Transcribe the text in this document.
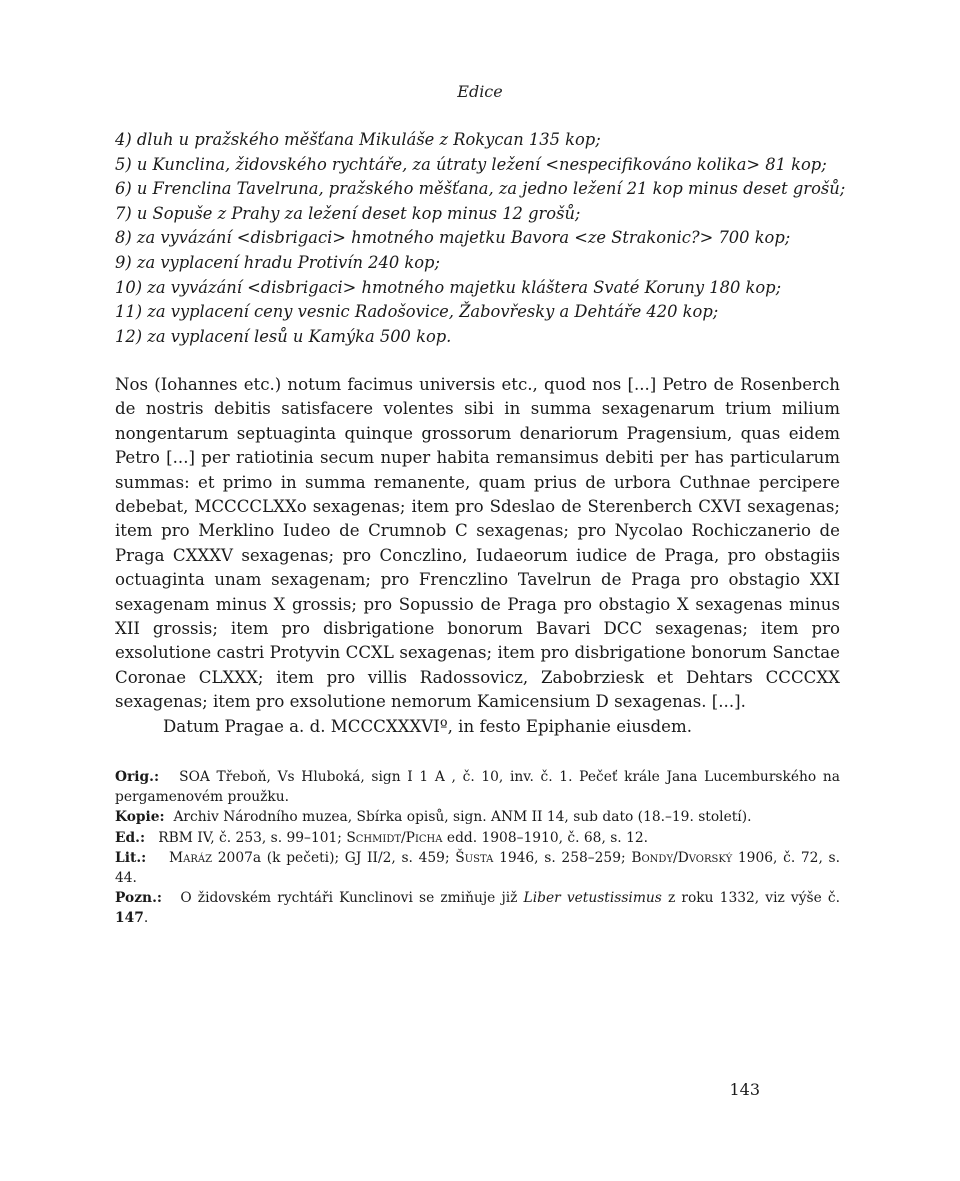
Edice
4) dluh u pražského měšťana Mikuláše z Rokycan 135 kop;
5) u Kunclina, židovského rychtáře, za útraty ležení <nespecifikováno kolika> 81 kop;
6) u Frenclina Tavelruna, pražského měšťana, za jedno ležení 21 kop minus deset grošů;
7) u Sopuše z Prahy za ležení deset kop minus 12 grošů;
8) za vyvázání <disbrigaci> hmotného majetku Bavora <ze Strakonic?> 700 kop;
9) za vyplacení hradu Protivín 240 kop;
10) za vyvázání <disbrigaci> hmotného majetku kláštera Svaté Koruny 180 kop;
11) za vyplacení ceny vesnic Radošovice, Žabovřesky a Dehtáře 420 kop;
12) za vyplacení lesů u Kamýka 500 kop.

Nos (Iohannes etc.) notum facimus universis etc., quod nos [...] Petro de Rosenberch de nostris debitis satisfacere volentes sibi in summa sexagenarum trium milium nongentarum septuaginta quinque grossorum denariorum Pragensium, quas eidem Petro [...] per ratiotinia secum nuper habita remansimus debiti per has particularum summas: et primo in summa remanente, quam prius de urbora Cuthnae percipere debebat, MCCCCLXXo sexagenas; item pro Sdeslao de Sterenberch CXVI sexagenas; item pro Merklino Iudeo de Crumnob C sexagenas; pro Nycolao Rochiczanerio de Praga CXXXV sexagenas; pro Conczlino, Iudaeorum iudice de Praga, pro obstagiis octuaginta unam sexagenam; pro Frenczlino Tavelrun de Praga pro obstagio XXI sexagenam minus X grossis; pro Sopussio de Praga pro obstagio X sexagenas minus XII grossis; item pro disbrigatione bonorum Bavari DCC sexagenas; item pro exsolutione castri Protyvin CCXL sexagenas; item pro disbrigatione bonorum Sanctae Coronae CLXXX; item pro villis Radossovicz, Zabobrziesk et Dehtars CCCCXX sexagenas; item pro exsolutione nemorum Kamicensium D sexagenas. [...].

Datum Pragae a. d. MCCCXXXVIº, in festo Epiphanie eiusdem.

Orig.: SOA Třeboň, Vs Hluboká, sign I 1 A , č. 10, inv. č. 1. Pečeť krále Jana Lucemburského na pergamenovém proužku.

Kopie: Archiv Národního muzea, Sbírka opisů, sign. ANM II 14, sub dato (18.–19. století).

Ed.: RBM IV, č. 253, s. 99–101; Schmidt/Picha edd. 1908–1910, č. 68, s. 12.

Lit.: Maráz 2007a (k pečeti); GJ II/2, s. 459; Šusta 1946, s. 258–259; Bondy/Dvorský 1906, č. 72, s. 44.

Pozn.: O židovském rychtáři Kunclinovi se zmiňuje již Liber vetustissimus z roku 1332, viz výše č. 147.

143
